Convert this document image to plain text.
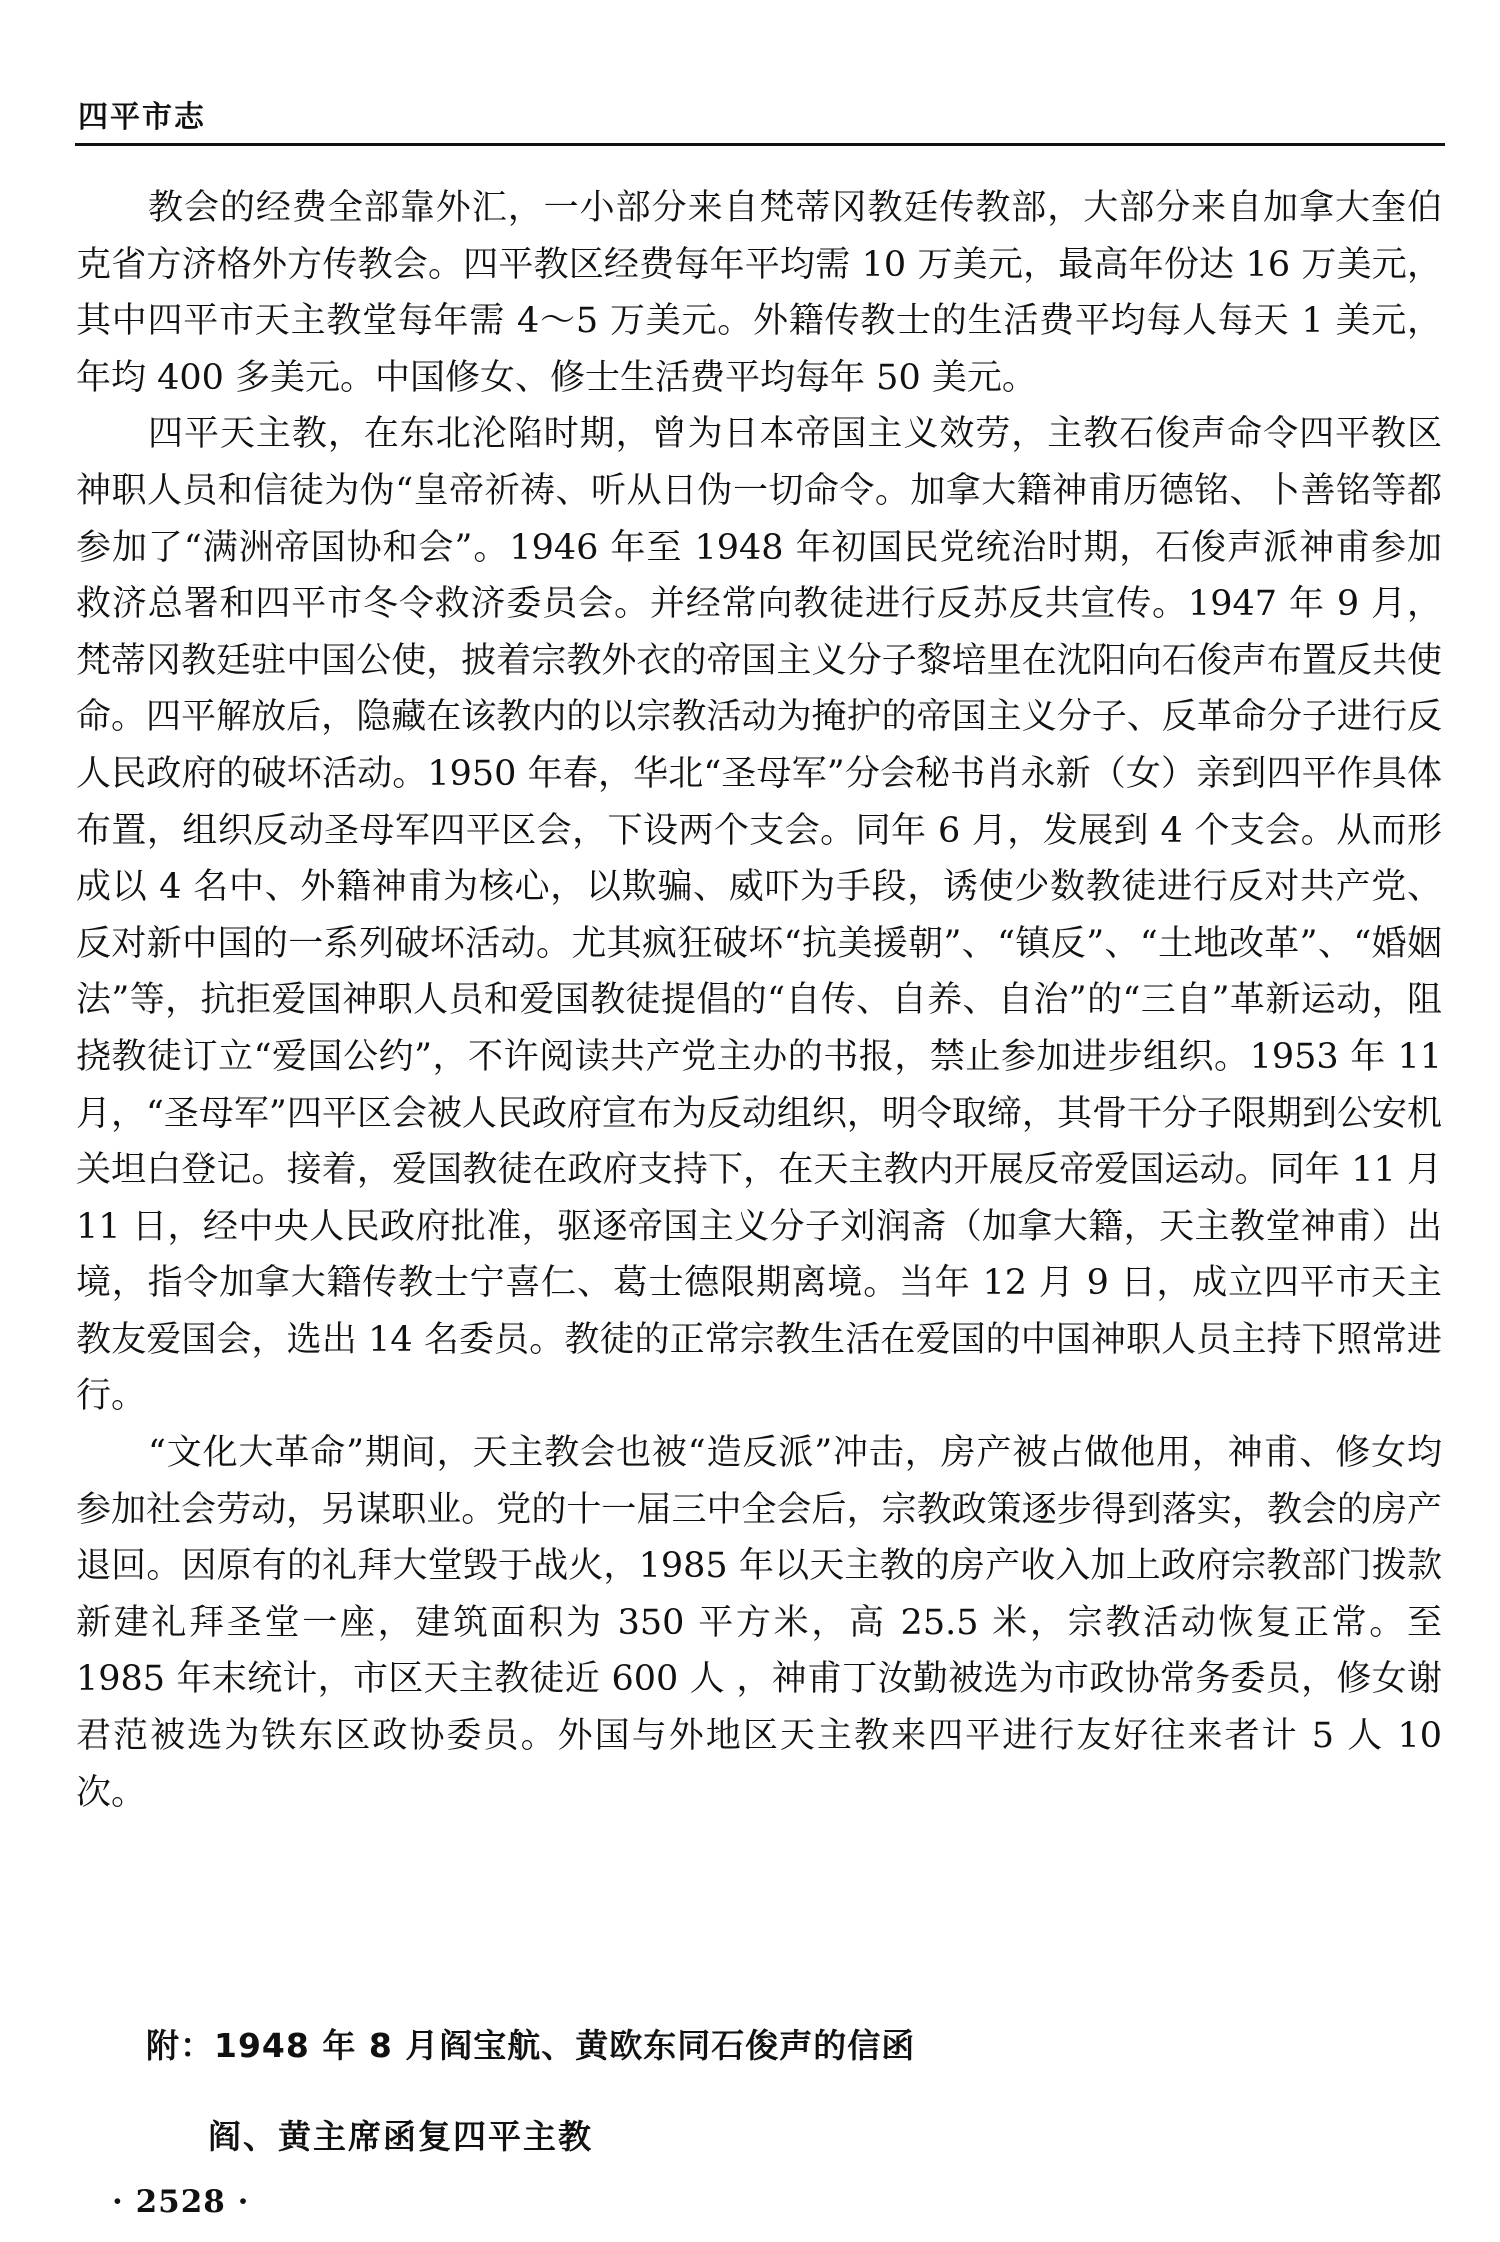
四平市志

教会的经费全部靠外汇，一小部分来自梵蒂冈教廷传教部，大部分来自加拿大奎伯克省方济格外方传教会。四平教区经费每年平均需 10 万美元，最高年份达 16 万美元，其中四平市天主教堂每年需 4～5 万美元。外籍传教士的生活费平均每人每天 1 美元，年均 400 多美元。中国修女、修士生活费平均每年 50 美元。

四平天主教，在东北沦陷时期，曾为日本帝国主义效劳，主教石俊声命令四平教区神职人员和信徒为伪“皇帝祈祷、听从日伪一切命令。加拿大籍神甫历德铭、卜善铭等都参加了“满洲帝国协和会”。1946 年至 1948 年初国民党统治时期，石俊声派神甫参加救济总署和四平市冬令救济委员会。并经常向教徒进行反苏反共宣传。1947 年 9 月，梵蒂冈教廷驻中国公使，披着宗教外衣的帝国主义分子黎培里在沈阳向石俊声布置反共使命。四平解放后，隐藏在该教内的以宗教活动为掩护的帝国主义分子、反革命分子进行反人民政府的破坏活动。1950 年春，华北“圣母军”分会秘书肖永新（女）亲到四平作具体布置，组织反动圣母军四平区会，下设两个支会。同年 6 月，发展到 4 个支会。从而形成以 4 名中、外籍神甫为核心，以欺骗、威吓为手段，诱使少数教徒进行反对共产党、反对新中国的一系列破坏活动。尤其疯狂破坏“抗美援朝”、“镇反”、“土地改革”、“婚姻法”等，抗拒爱国神职人员和爱国教徒提倡的“自传、自养、自治”的“三自”革新运动，阻挠教徒订立“爱国公约”，不许阅读共产党主办的书报，禁止参加进步组织。1953 年 11 月，“圣母军”四平区会被人民政府宣布为反动组织，明令取缔，其骨干分子限期到公安机关坦白登记。接着，爱国教徒在政府支持下，在天主教内开展反帝爱国运动。同年 11 月 11 日，经中央人民政府批准，驱逐帝国主义分子刘润斋（加拿大籍，天主教堂神甫）出境，指令加拿大籍传教士宁喜仁、葛士德限期离境。当年 12 月 9 日，成立四平市天主教友爱国会，选出 14 名委员。教徒的正常宗教生活在爱国的中国神职人员主持下照常进行。

“文化大革命”期间，天主教会也被“造反派”冲击，房产被占做他用，神甫、修女均参加社会劳动，另谋职业。党的十一届三中全会后，宗教政策逐步得到落实，教会的房产退回。因原有的礼拜大堂毁于战火，1985 年以天主教的房产收入加上政府宗教部门拨款新建礼拜圣堂一座，建筑面积为 350 平方米，高 25.5 米，宗教活动恢复正常。至 1985 年末统计，市区天主教徒近 600 人 ，神甫丁汝勤被选为市政协常务委员，修女谢君范被选为铁东区政协委员。外国与外地区天主教来四平进行友好往来者计 5 人 10 次。

附：1948 年 8 月阎宝航、黄欧东同石俊声的信函
阎、黄主席函复四平主教
· 2528 ·
